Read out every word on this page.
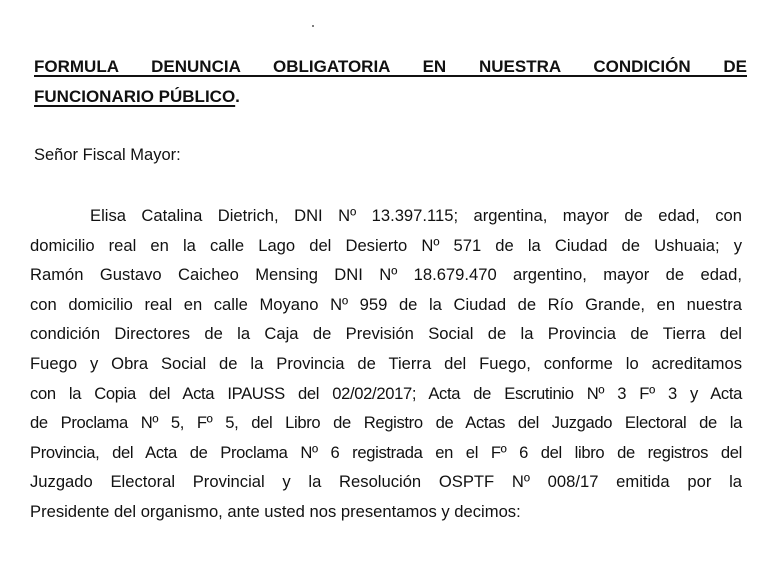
FORMULA DENUNCIA OBLIGATORIA EN NUESTRA CONDICIÓN DE

FUNCIONARIO PÚBLICO.

Señor Fiscal Mayor:

Elisa Catalina Dietrich, DNI Nº 13.397.115; argentina, mayor de edad, con
domicilio real en la calle Lago del Desierto Nº 571 de la Ciudad de Ushuaia; y
Ramón Gustavo Caicheo Mensing DNI Nº 18.679.470 argentino, mayor de edad,
con domicilio real en calle Moyano Nº 959 de la Ciudad de Río Grande, en nuestra
condición Directores de la Caja de Previsión Social de la Provincia de Tierra del
Fuego y Obra Social de la Provincia de Tierra del Fuego, conforme lo acreditamos
con la Copia del Acta IPAUSS del 02/02/2017; Acta de Escrutinio Nº 3 Fº 3 y Acta
de Proclama Nº 5, Fº 5, del Libro de Registro de Actas del Juzgado Electoral de la
Provincia, del Acta de Proclama Nº 6 registrada en el Fº 6 del libro de registros del
Juzgado Electoral Provincial y la Resolución OSPTF Nº 008/17 emitida por la
Presidente del organismo, ante usted nos presentamos y decimos:
